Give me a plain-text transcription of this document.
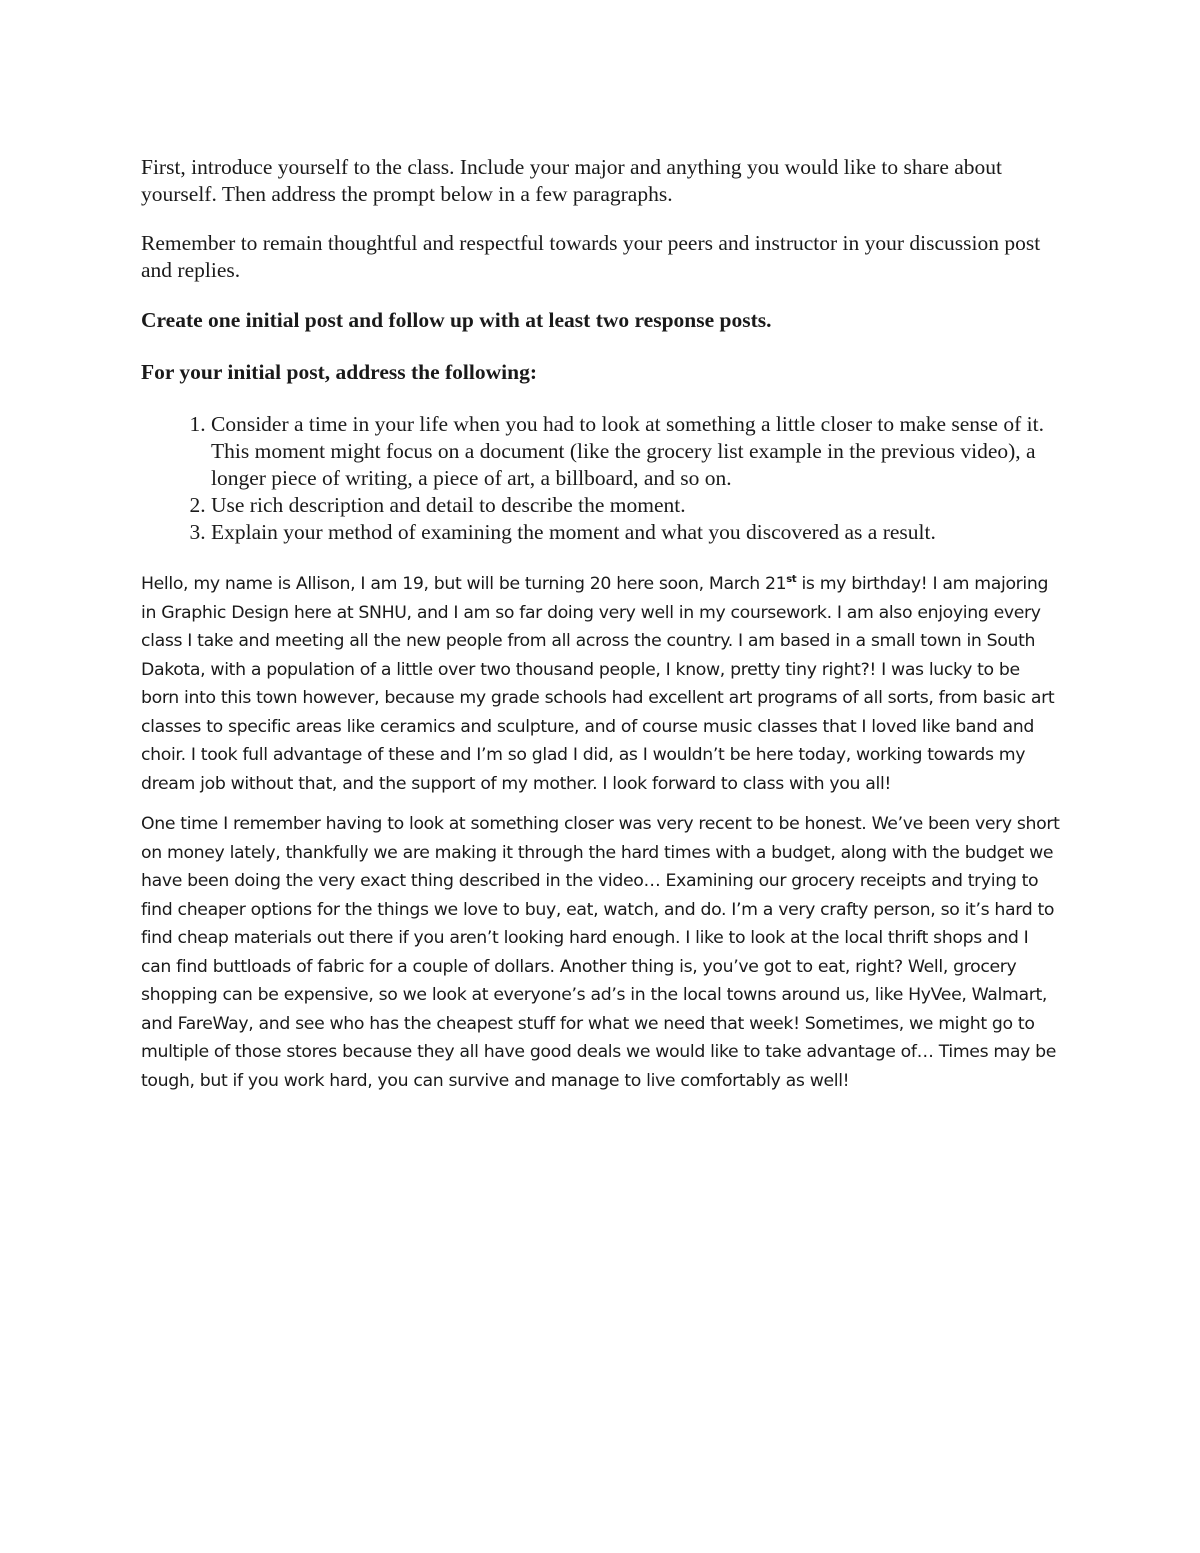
First, introduce yourself to the class. Include your major and anything you would like to share about yourself. Then address the prompt below in a few paragraphs.

Remember to remain thoughtful and respectful towards your peers and instructor in your discussion post and replies.

Create one initial post and follow up with at least two response posts.

For your initial post, address the following:

1. Consider a time in your life when you had to look at something a little closer to make sense of it. This moment might focus on a document (like the grocery list example in the previous video), a longer piece of writing, a piece of art, a billboard, and so on.
2. Use rich description and detail to describe the moment.
3. Explain your method of examining the moment and what you discovered as a result.

Hello, my name is Allison, I am 19, but will be turning 20 here soon, March 21st is my birthday! I am majoring in Graphic Design here at SNHU, and I am so far doing very well in my coursework. I am also enjoying every class I take and meeting all the new people from all across the country. I am based in a small town in South Dakota, with a population of a little over two thousand people, I know, pretty tiny right?! I was lucky to be born into this town however, because my grade schools had excellent art programs of all sorts, from basic art classes to specific areas like ceramics and sculpture, and of course music classes that I loved like band and choir. I took full advantage of these and I’m so glad I did, as I wouldn’t be here today, working towards my dream job without that, and the support of my mother. I look forward to class with you all!

One time I remember having to look at something closer was very recent to be honest. We’ve been very short on money lately, thankfully we are making it through the hard times with a budget, along with the budget we have been doing the very exact thing described in the video… Examining our grocery receipts and trying to find cheaper options for the things we love to buy, eat, watch, and do. I’m a very crafty person, so it’s hard to find cheap materials out there if you aren’t looking hard enough. I like to look at the local thrift shops and I can find buttloads of fabric for a couple of dollars. Another thing is, you’ve got to eat, right? Well, grocery shopping can be expensive, so we look at everyone’s ad’s in the local towns around us, like HyVee, Walmart, and FareWay, and see who has the cheapest stuff for what we need that week! Sometimes, we might go to multiple of those stores because they all have good deals we would like to take advantage of… Times may be tough, but if you work hard, you can survive and manage to live comfortably as well!
